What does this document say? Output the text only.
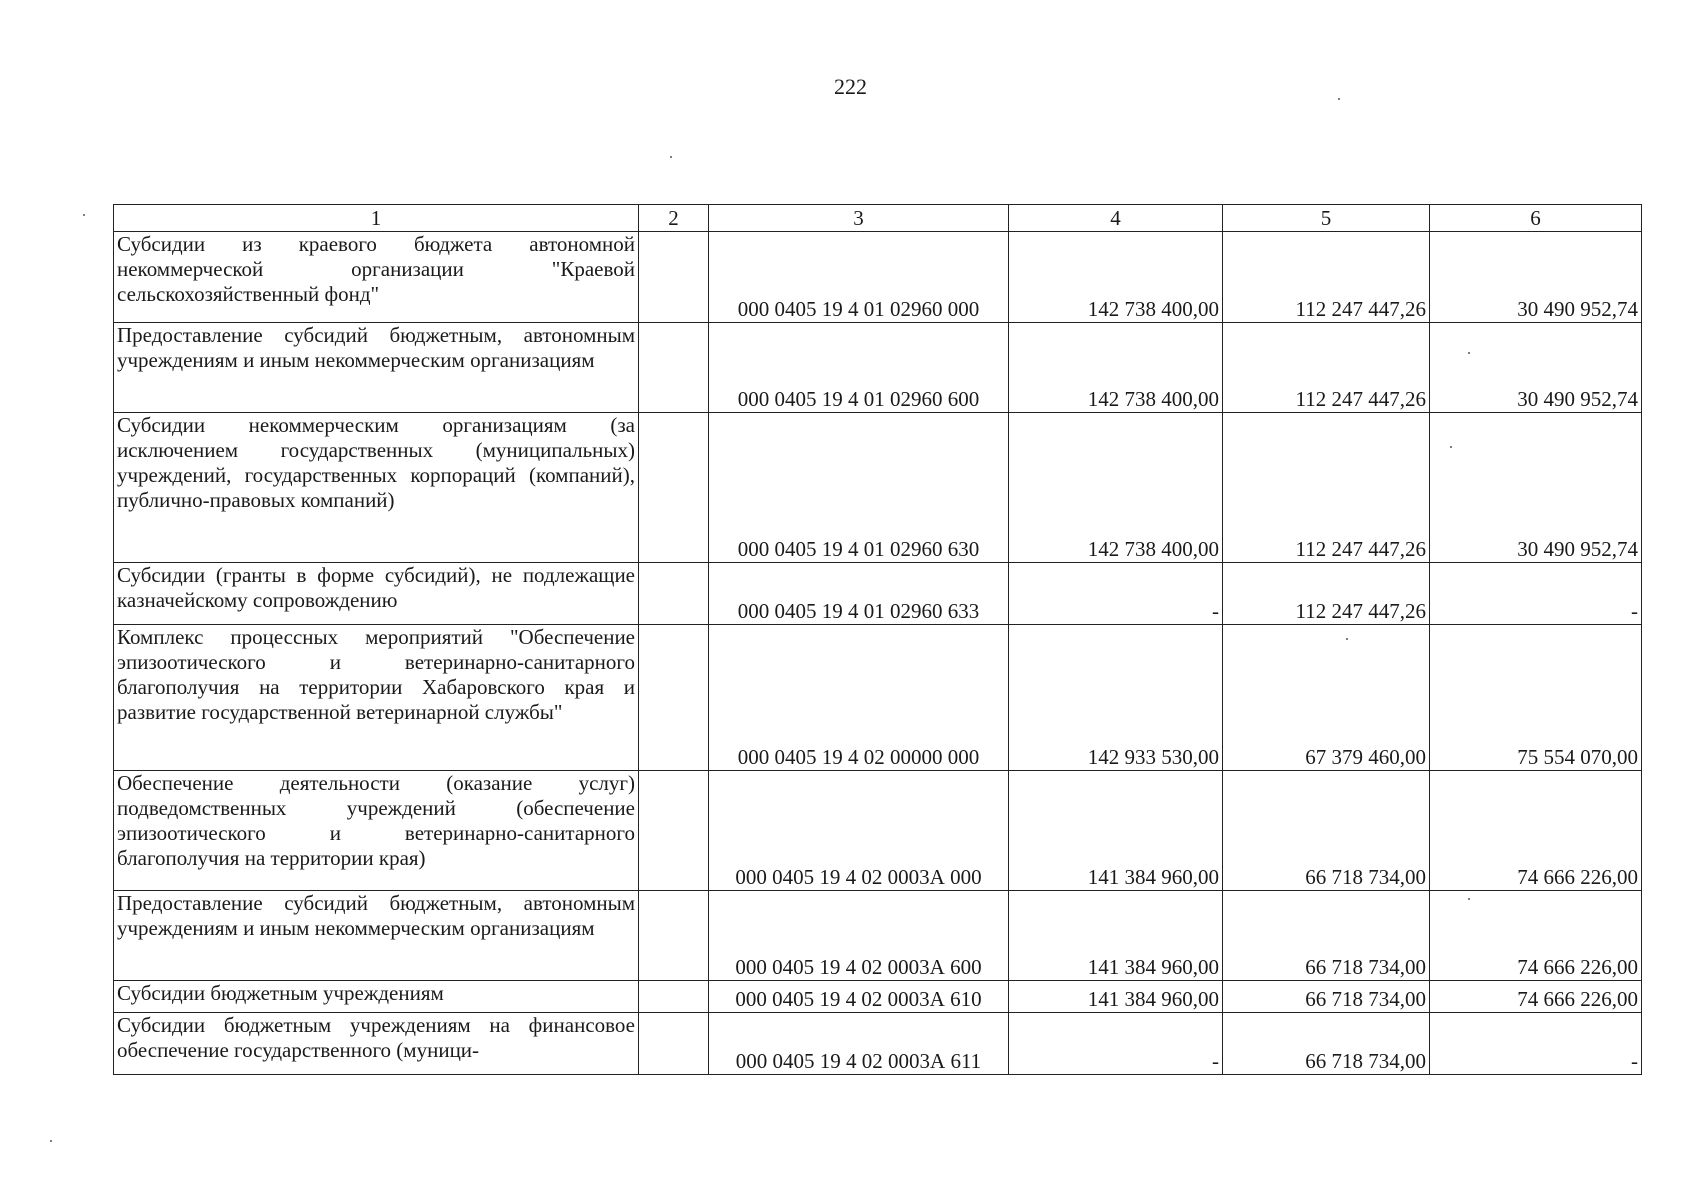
222
1	2	3	4	5	6
Субсидии из краевого бюджета автономной некоммерческой организации "Краевой сельскохозяйственный фонд"		000 0405 19 4 01 02960 000	142 738 400,00	112 247 447,26	30 490 952,74
Предоставление субсидий бюджетным, автономным учреждениям и иным некоммерческим организациям		000 0405 19 4 01 02960 600	142 738 400,00	112 247 447,26	30 490 952,74
Субсидии некоммерческим организациям (за исключением государственных (муниципальных) учреждений, государственных корпораций (компаний), публично-правовых компаний)		000 0405 19 4 01 02960 630	142 738 400,00	112 247 447,26	30 490 952,74
Субсидии (гранты в форме субсидий), не подлежащие казначейскому сопровождению		000 0405 19 4 01 02960 633	-	112 247 447,26	-
Комплекс процессных мероприятий "Обеспечение эпизоотического и ветеринарно-санитарного благополучия на территории Хабаровского края и развитие государственной ветеринарной службы"		000 0405 19 4 02 00000 000	142 933 530,00	67 379 460,00	75 554 070,00
Обеспечение деятельности (оказание услуг) подведомственных учреждений (обеспечение эпизоотического и ветеринарно-санитарного благополучия на территории края)		000 0405 19 4 02 0003А 000	141 384 960,00	66 718 734,00	74 666 226,00
Предоставление субсидий бюджетным, автономным учреждениям и иным некоммерческим организациям		000 0405 19 4 02 0003А 600	141 384 960,00	66 718 734,00	74 666 226,00
Субсидии бюджетным учреждениям		000 0405 19 4 02 0003А 610	141 384 960,00	66 718 734,00	74 666 226,00
Субсидии бюджетным учреждениям на финансовое обеспечение государственного (муници-		000 0405 19 4 02 0003А 611	-	66 718 734,00	-
